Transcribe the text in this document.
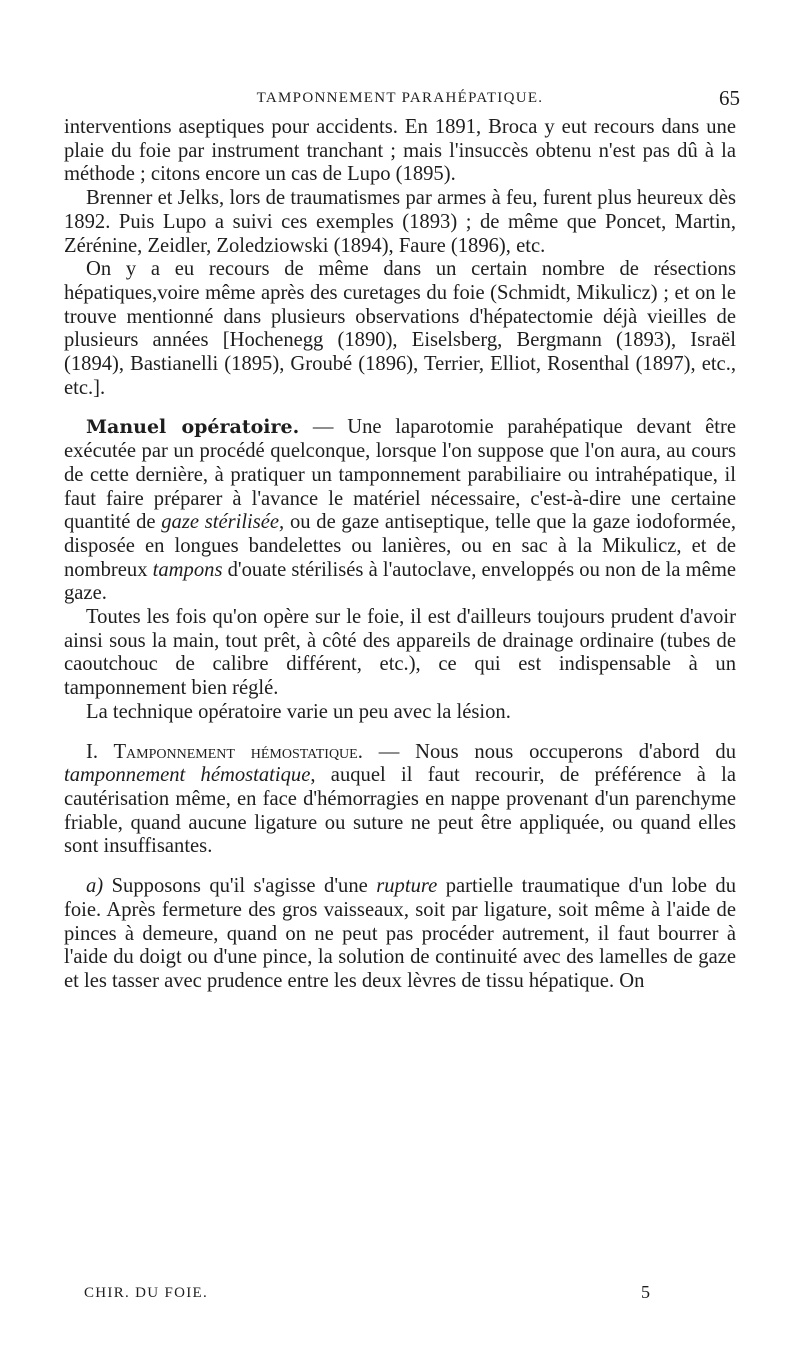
TAMPONNEMENT PARAHÉPATIQUE.	65

interventions aseptiques pour accidents. En 1891, Broca y eut recours dans une plaie du foie par instrument tranchant ; mais l'insuccès obtenu n'est pas dû à la méthode ; citons encore un cas de Lupo (1895).

Brenner et Jelks, lors de traumatismes par armes à feu, furent plus heureux dès 1892. Puis Lupo a suivi ces exemples (1893) ; de même que Poncet, Martin, Zérénine, Zeidler, Zoledziowski (1894), Faure (1896), etc.

On y a eu recours de même dans un certain nombre de résections hépatiques,voire même après des curetages du foie (Schmidt, Mikulicz) ; et on le trouve mentionné dans plusieurs observations d'hépatectomie déjà vieilles de plusieurs années [Hochenegg (1890), Eiselsberg, Bergmann (1893), Israël (1894), Bastianelli (1895), Groubé (1896), Terrier, Elliot, Rosenthal (1897), etc., etc.].

Manuel opératoire. — Une laparotomie parahépatique devant être exécutée par un procédé quelconque, lorsque l'on suppose que l'on aura, au cours de cette dernière, à pratiquer un tamponnement parabiliaire ou intrahépatique, il faut faire préparer à l'avance le matériel nécessaire, c'est-à-dire une certaine quantité de gaze stérilisée, ou de gaze antiseptique, telle que la gaze iodoformée, disposée en longues bandelettes ou lanières, ou en sac à la Mikulicz, et de nombreux tampons d'ouate stérilisés à l'autoclave, enveloppés ou non de la même gaze.

Toutes les fois qu'on opère sur le foie, il est d'ailleurs toujours prudent d'avoir ainsi sous la main, tout prêt, à côté des appareils de drainage ordinaire (tubes de caoutchouc de calibre différent, etc.), ce qui est indispensable à un tamponnement bien réglé.

La technique opératoire varie un peu avec la lésion.

I. Tamponnement hémostatique. — Nous nous occuperons d'abord du tamponnement hémostatique, auquel il faut recourir, de préférence à la cautérisation même, en face d'hémorragies en nappe provenant d'un parenchyme friable, quand aucune ligature ou suture ne peut être appliquée, ou quand elles sont insuffisantes.

a) Supposons qu'il s'agisse d'une rupture partielle traumatique d'un lobe du foie. Après fermeture des gros vaisseaux, soit par ligature, soit même à l'aide de pinces à demeure, quand on ne peut pas procéder autrement, il faut bourrer à l'aide du doigt ou d'une pince, la solution de continuité avec des lamelles de gaze et les tasser avec prudence entre les deux lèvres de tissu hépatique. On

CHIR. DU FOIE.	5
